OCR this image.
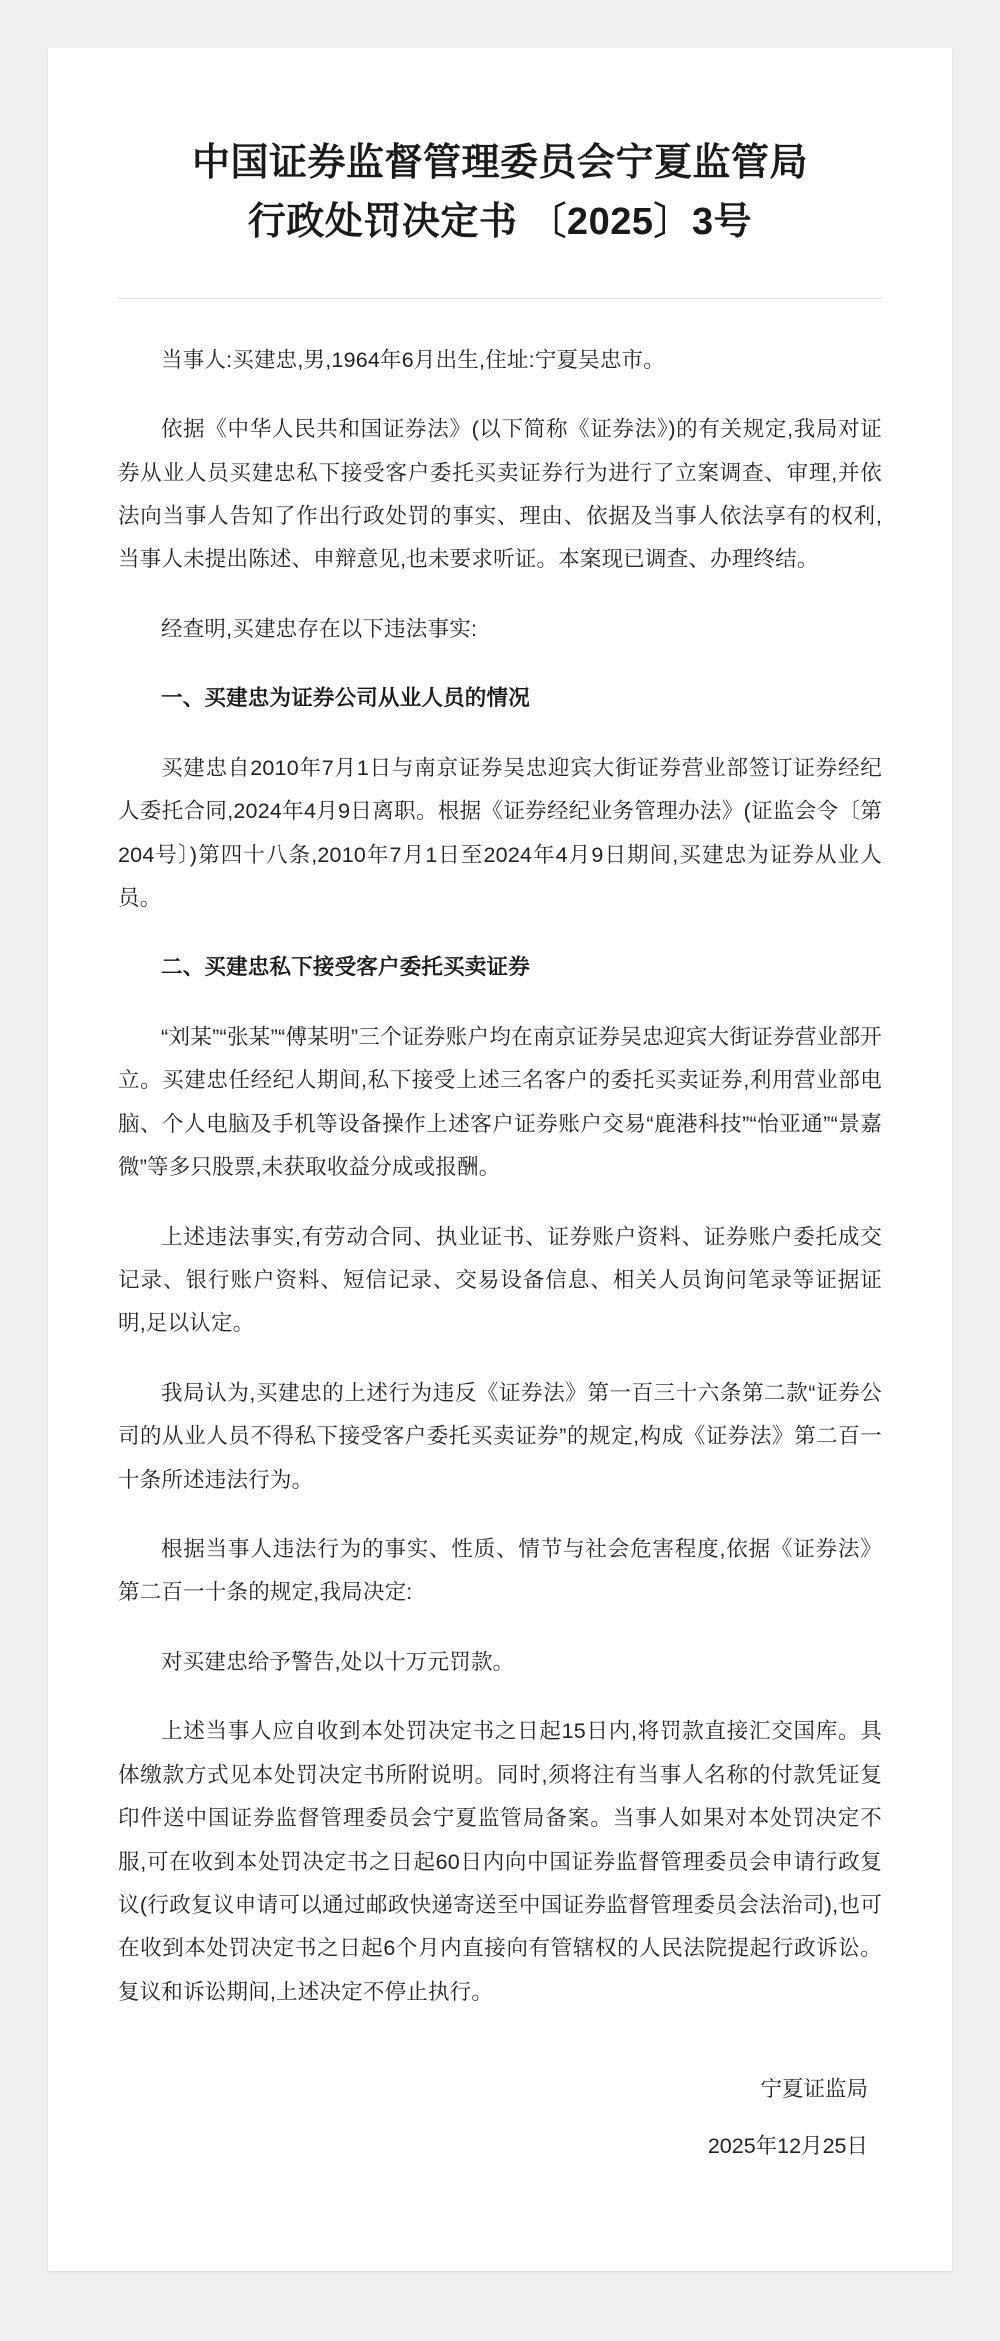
中国证券监督管理委员会宁夏监管局
行政处罚决定书 〔2025〕3号

当事人:买建忠,男,1964年6月出生,住址:宁夏吴忠市。

依据《中华人民共和国证券法》(以下简称《证券法》)的有关规定,我局对证券从业人员买建忠私下接受客户委托买卖证券行为进行了立案调查、审理,并依法向当事人告知了作出行政处罚的事实、理由、依据及当事人依法享有的权利,当事人未提出陈述、申辩意见,也未要求听证。本案现已调查、办理终结。

经查明,买建忠存在以下违法事实:

一、买建忠为证券公司从业人员的情况

买建忠自2010年7月1日与南京证券吴忠迎宾大街证券营业部签订证券经纪人委托合同,2024年4月9日离职。根据《证券经纪业务管理办法》(证监会令〔第204号〕)第四十八条,2010年7月1日至2024年4月9日期间,买建忠为证券从业人员。

二、买建忠私下接受客户委托买卖证券

“刘某”“张某”“傅某明”三个证券账户均在南京证券吴忠迎宾大街证券营业部开立。买建忠任经纪人期间,私下接受上述三名客户的委托买卖证券,利用营业部电脑、个人电脑及手机等设备操作上述客户证券账户交易“鹿港科技”“怡亚通”“景嘉微”等多只股票,未获取收益分成或报酬。

上述违法事实,有劳动合同、执业证书、证券账户资料、证券账户委托成交记录、银行账户资料、短信记录、交易设备信息、相关人员询问笔录等证据证明,足以认定。

我局认为,买建忠的上述行为违反《证券法》第一百三十六条第二款“证券公司的从业人员不得私下接受客户委托买卖证券”的规定,构成《证券法》第二百一十条所述违法行为。

根据当事人违法行为的事实、性质、情节与社会危害程度,依据《证券法》第二百一十条的规定,我局决定:

对买建忠给予警告,处以十万元罚款。

上述当事人应自收到本处罚决定书之日起15日内,将罚款直接汇交国库。具体缴款方式见本处罚决定书所附说明。同时,须将注有当事人名称的付款凭证复印件送中国证券监督管理委员会宁夏监管局备案。当事人如果对本处罚决定不服,可在收到本处罚决定书之日起60日内向中国证券监督管理委员会申请行政复议(行政复议申请可以通过邮政快递寄送至中国证券监督管理委员会法治司),也可在收到本处罚决定书之日起6个月内直接向有管辖权的人民法院提起行政诉讼。复议和诉讼期间,上述决定不停止执行。

宁夏证监局
2025年12月25日
